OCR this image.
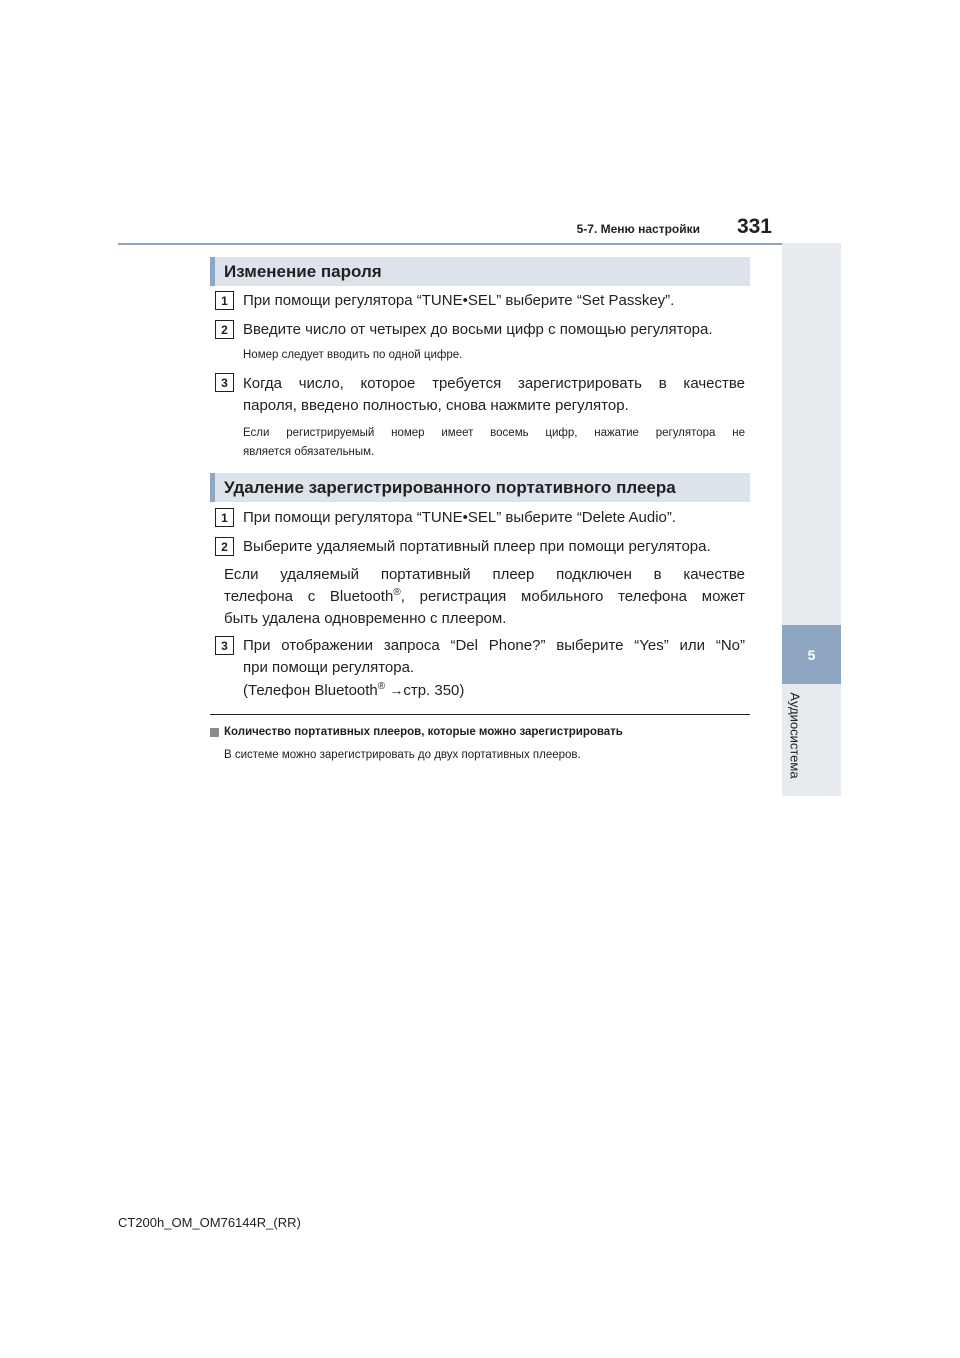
5-7. Меню настройки	331
5
Аудиосистема
Изменение пароля
1	При помощи регулятора “TUNE•SEL” выберите “Set Passkey”.
2	Введите число от четырех до восьми цифр с помощью регулятора.
Номер следует вводить по одной цифре.
3	Когда число, которое требуется зарегистрировать в качестве
пароля, введено полностью, снова нажмите регулятор.
Если регистрируемый номер имеет восемь цифр, нажатие регулятора не
является обязательным.
Удаление зарегистрированного портативного плеера
1	При помощи регулятора “TUNE•SEL” выберите “Delete Audio”.
2	Выберите удаляемый портативный плеер при помощи регулятора.
Если удаляемый портативный плеер подключен в качестве
телефона с Bluetooth®, регистрация мобильного телефона может
быть удалена одновременно с плеером.
3	При отображении запроса “Del Phone?” выберите “Yes” или “No”
при помощи регулятора.
(Телефон Bluetooth® →стр. 350)
Количество портативных плееров, которые можно зарегистрировать
В системе можно зарегистрировать до двух портативных плееров.
CT200h_OM_OM76144R_(RR)
